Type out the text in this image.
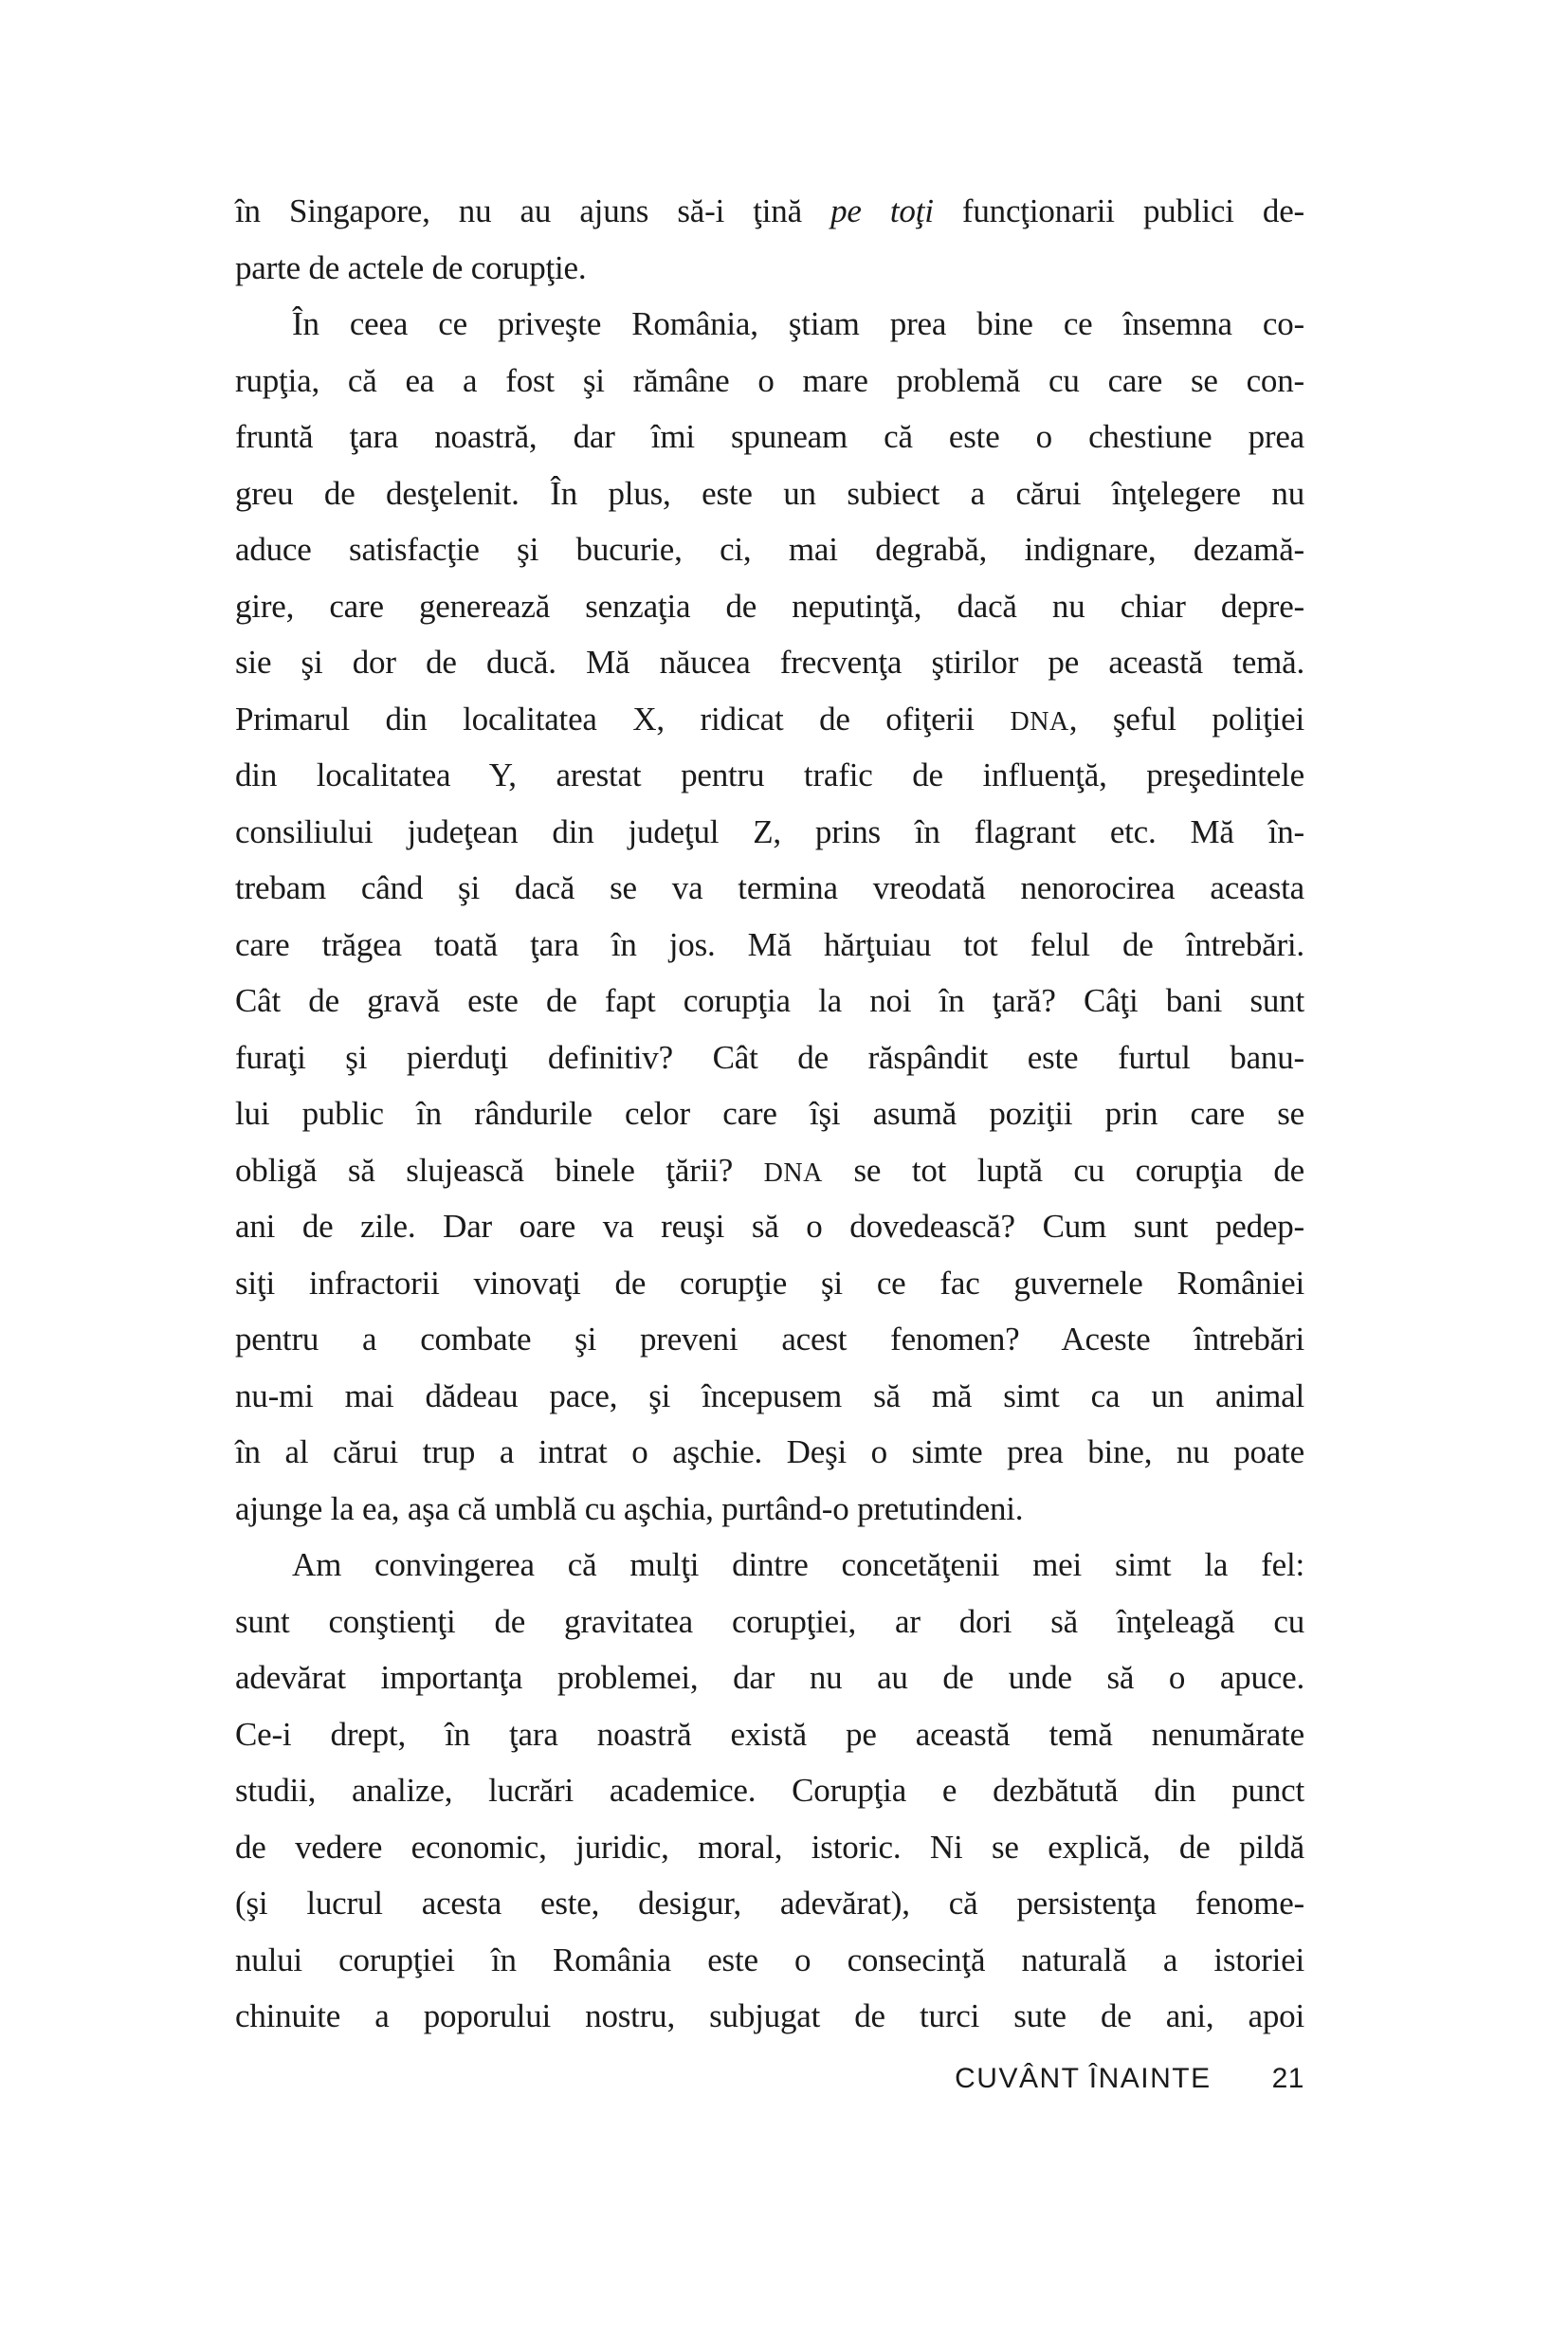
în Singapore, nu au ajuns să-i ţină pe toţi funcţionarii publici de-
parte de actele de corupţie.
În ceea ce priveşte România, ştiam prea bine ce însemna co-
rupţia, că ea a fost şi rămâne o mare problemă cu care se con-
fruntă ţara noastră, dar îmi spuneam că este o chestiune prea
greu de desţelenit. În plus, este un subiect a cărui înţelegere nu
aduce satisfacţie şi bucurie, ci, mai degrabă, indignare, dezamă-
gire, care generează senzaţia de neputinţă, dacă nu chiar depre-
sie şi dor de ducă. Mă năucea frecvenţa ştirilor pe această temă.
Primarul din localitatea X, ridicat de ofiţerii DNA, şeful poliţiei
din localitatea Y, arestat pentru trafic de influenţă, preşedintele
consiliului judeţean din judeţul Z, prins în flagrant etc. Mă în-
trebam când şi dacă se va termina vreodată nenorocirea aceasta
care trăgea toată ţara în jos. Mă hărţuiau tot felul de întrebări.
Cât de gravă este de fapt corupţia la noi în ţară? Câţi bani sunt
furaţi şi pierduţi definitiv? Cât de răspândit este furtul banu-
lui public în rândurile celor care îşi asumă poziţii prin care se
obligă să slujească binele ţării? DNA se tot luptă cu corupţia de
ani de zile. Dar oare va reuşi să o dovedească? Cum sunt pedep-
siţi infractorii vinovaţi de corupţie şi ce fac guvernele României
pentru a combate şi preveni acest fenomen? Aceste întrebări
nu-mi mai dădeau pace, şi începusem să mă simt ca un animal
în al cărui trup a intrat o aşchie. Deşi o simte prea bine, nu poate
ajunge la ea, aşa că umblă cu aşchia, purtând-o pretutindeni.
Am convingerea că mulţi dintre concetăţenii mei simt la fel:
sunt conştienţi de gravitatea corupţiei, ar dori să înţeleagă cu
adevărat importanţa problemei, dar nu au de unde să o apuce.
Ce-i drept, în ţara noastră există pe această temă nenumărate
studii, analize, lucrări academice. Corupţia e dezbătută din punct
de vedere economic, juridic, moral, istoric. Ni se explică, de pildă
(şi lucrul acesta este, desigur, adevărat), că persistenţa fenome-
nului corupţiei în România este o consecinţă naturală a istoriei
chinuite a poporului nostru, subjugat de turci sute de ani, apoi
CUVÂNT ÎNAINTE 21
